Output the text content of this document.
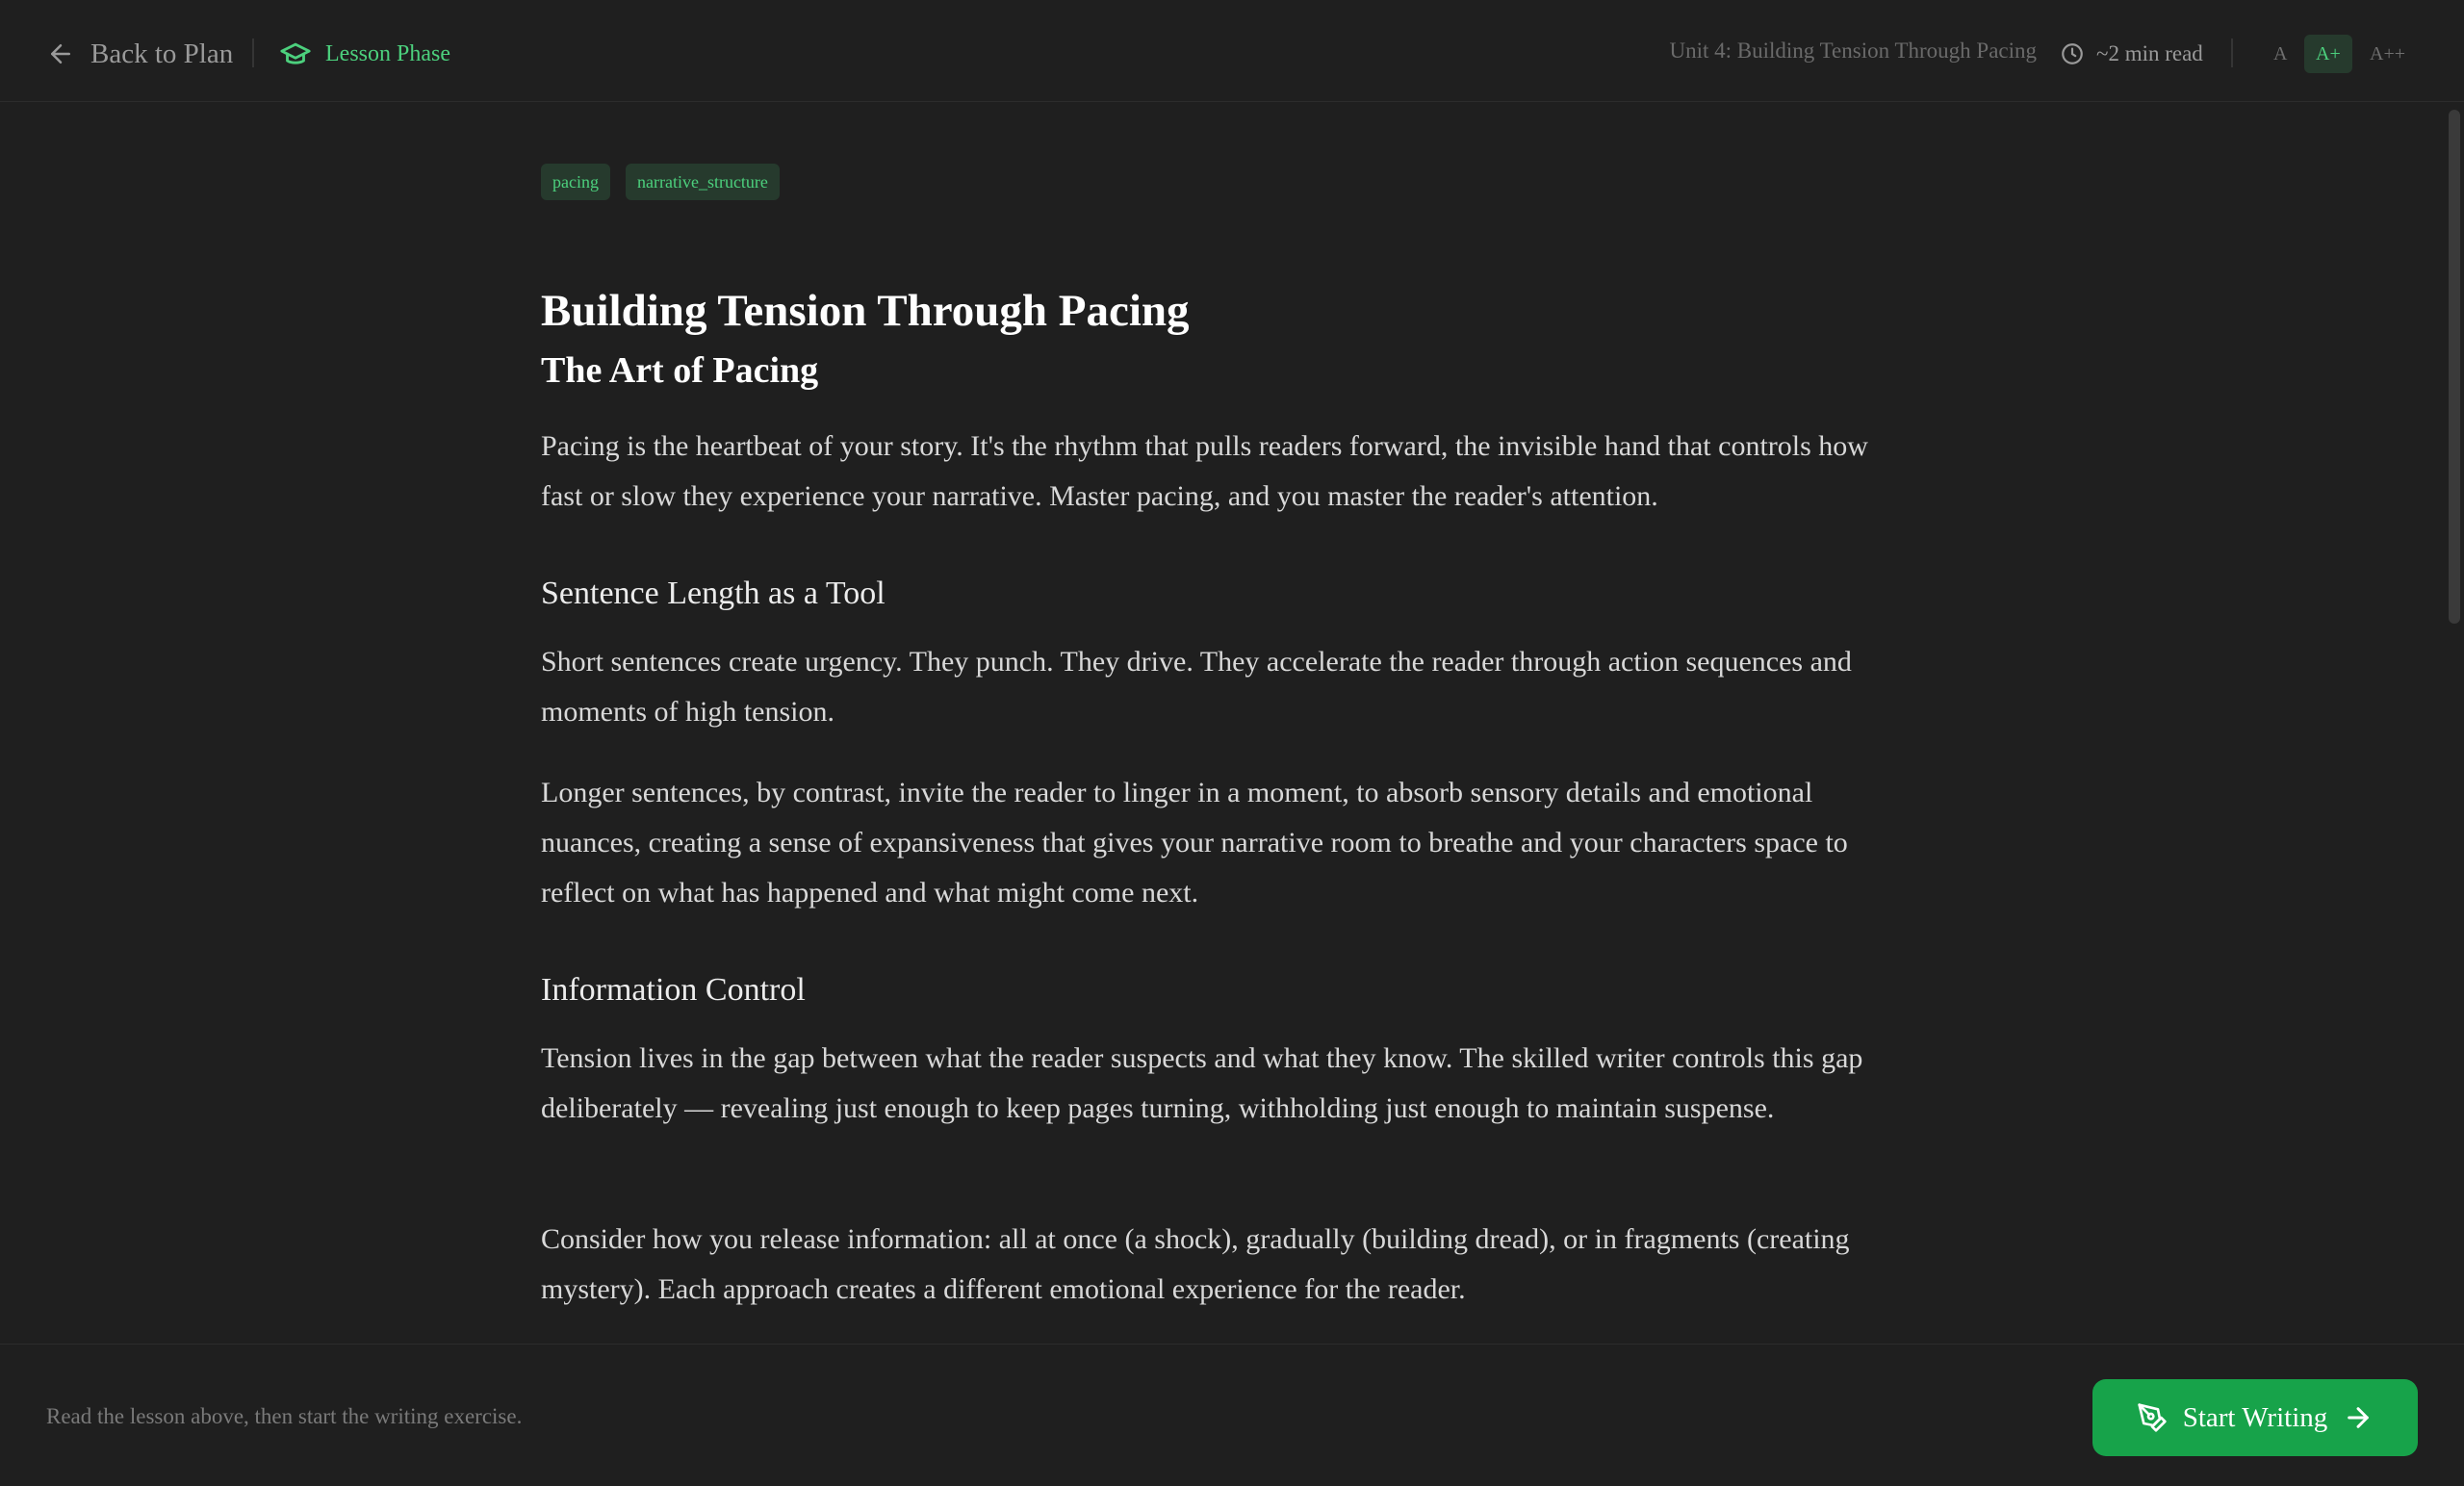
Back to Plan	Lesson Phase	Unit 4: Building Tension Through Pacing	~2 min read	A	A+	A++
pacing	narrative_structure
Building Tension Through Pacing
The Art of Pacing

Pacing is the heartbeat of your story. It's the rhythm that pulls readers forward, the invisible hand that controls how fast or slow they experience your narrative. Master pacing, and you master the reader's attention.

Sentence Length as a Tool

Short sentences create urgency. They punch. They drive. They accelerate the reader through action sequences and moments of high tension.

Longer sentences, by contrast, invite the reader to linger in a moment, to absorb sensory details and emotional nuances, creating a sense of expansiveness that gives your narrative room to breathe and your characters space to reflect on what has happened and what might come next.

Information Control

Tension lives in the gap between what the reader suspects and what they know. The skilled writer controls this gap deliberately — revealing just enough to keep pages turning, withholding just enough to maintain suspense.

Consider how you release information: all at once (a shock), gradually (building dread), or in fragments (creating mystery). Each approach creates a different emotional experience for the reader.

Read the lesson above, then start the writing exercise.	Start Writing
